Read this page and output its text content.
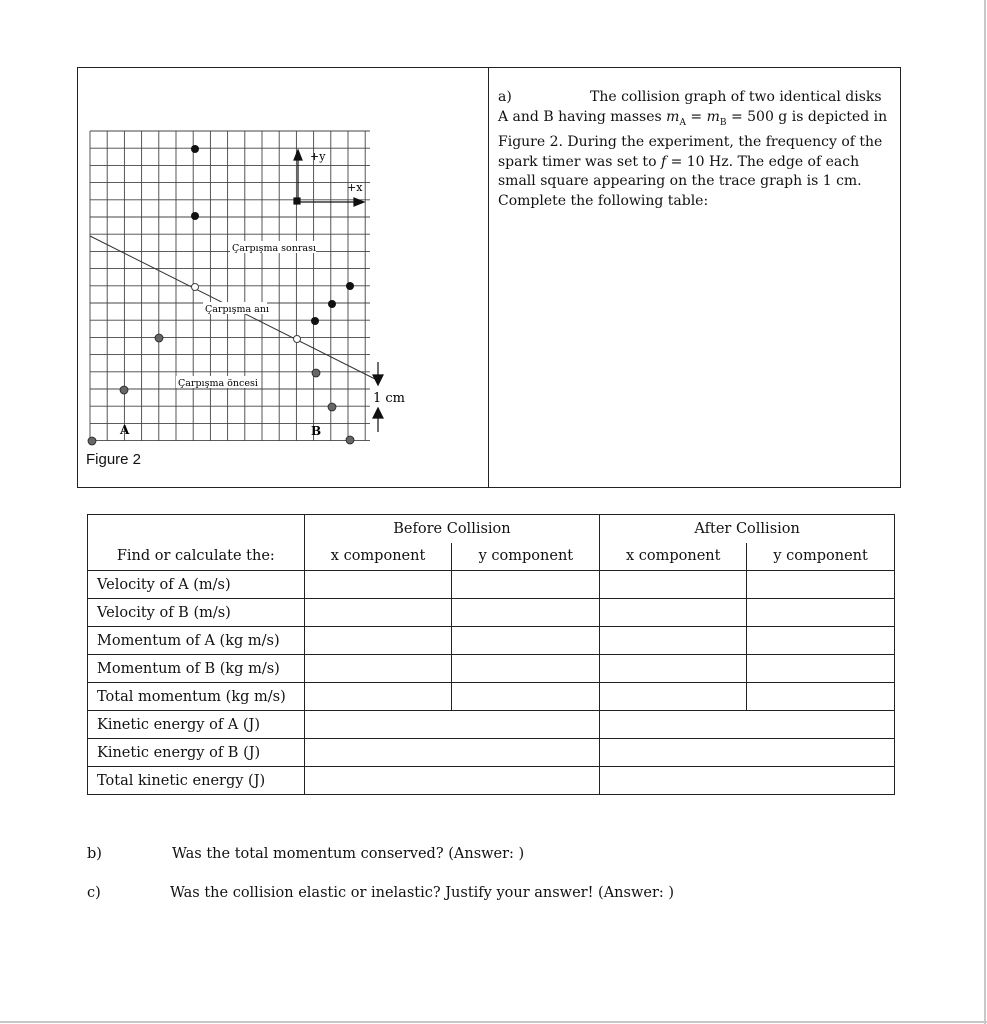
+y
+x
1 cm
Çarpışma sonrası
Çarpışma anı
Çarpışma öncesi
A	B
Figure 2
a)	The collision graph of two identical disks A and B having masses $m_A = m_B = 500$ g is depicted in Figure 2. During the experiment, the frequency of the spark timer was set to f = 10 Hz. The edge of each small square appearing on the trace graph is 1 cm. Complete the following table:
	Before Collision		After Collision	
Find or calculate the:	x component	y component	x component	y component
Velocity of A (m/s)				
Velocity of B (m/s)				
Momentum of A (kg m/s)				
Momentum of B (kg m/s)				
Total momentum (kg m/s)				
Kinetic energy of A (J)				
Kinetic energy of B (J)				
Total kinetic energy (J)				
b)	Was the total momentum conserved? (Answer: )
c)	Was the collision elastic or inelastic? Justify your answer! (Answer: )
